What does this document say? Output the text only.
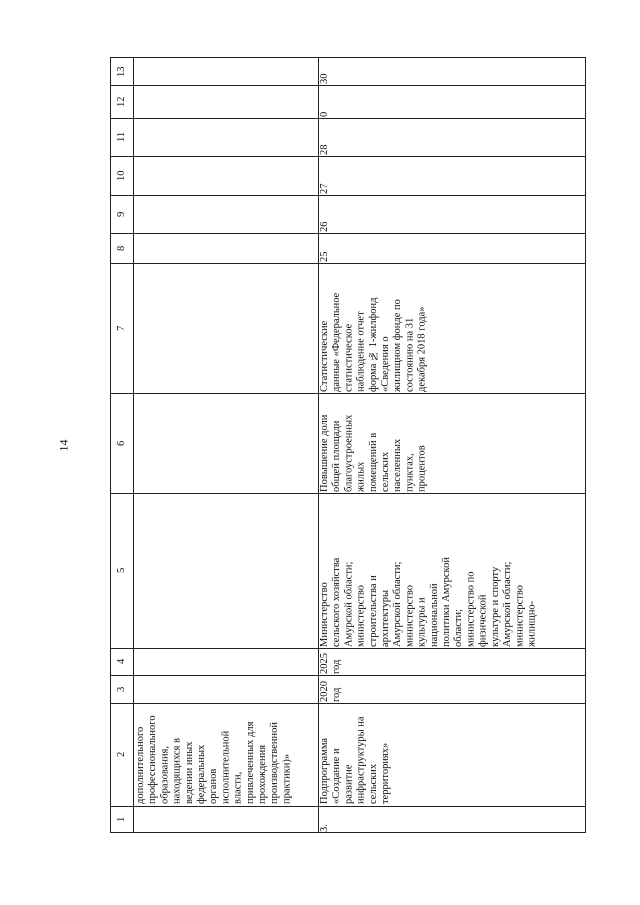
14
13
12
11
10
9
8
7
6
5
4
3
2
1
дополнительного
профессионального
образования,
находящихся в
ведении иных
федеральных
органов
исполнительной
власти,
привлеченных для
прохождения
производственной
практики)»
3.
Подпрограмма
«Создание и
развитие
инфраструктуры на
сельских
территориях»
2020
год
2025
год
Министерство
сельского хозяйства
Амурской области;
министерство
строительства и
архитектуры
Амурской области;
министерство
культуры и
национальной
политики Амурской
области;
министерство по
физической
культуре и спорту
Амурской области;
министерство
жилищно-
Повышение доли
общей площади
благоустроенных
жилых
помещений в
сельских
населенных
пунктах,
процентов
Статистические
данные «Федеральное
статистическое
наблюдение отчет
форма № 1-жилфонд
«Сведения о
жилищном фонде по
состоянию на 31
декабря 2018 года»
25
26
27
28
0
30
